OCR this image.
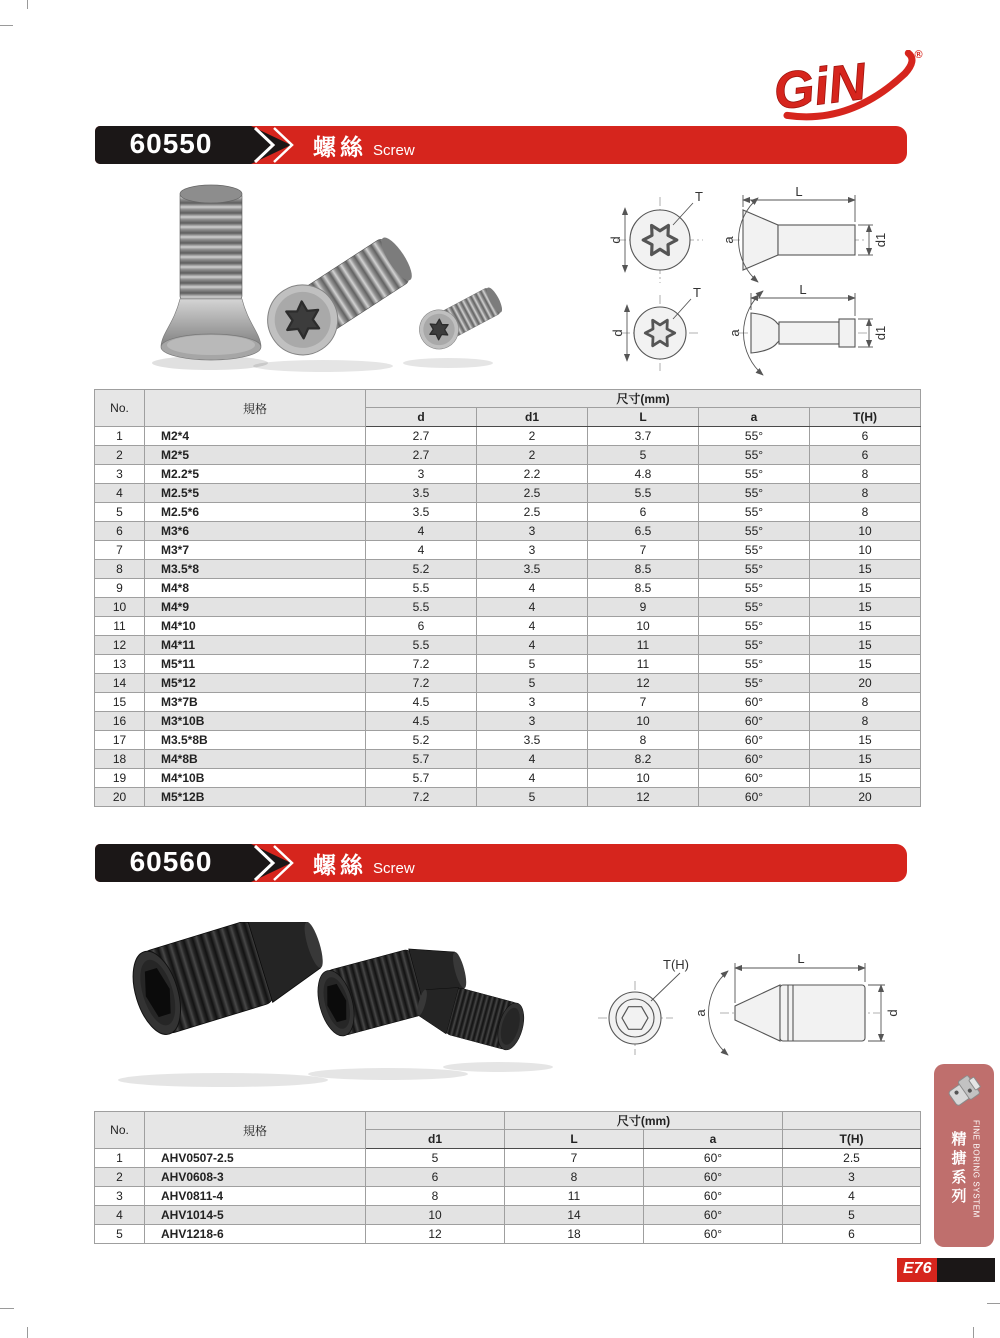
GiN	®
60550	螺絲 Screw
d
T	L
d1
a
d
T	L
d1
a
No.	規格	尺寸(mm)				
		d	d1	L	a	T(H)
1	M2*4	2.7	2	3.7	55°	6
2	M2*5	2.7	2	5	55°	6
3	M2.2*5	3	2.2	4.8	55°	8
4	M2.5*5	3.5	2.5	5.5	55°	8
5	M2.5*6	3.5	2.5	6	55°	8
6	M3*6	4	3	6.5	55°	10
7	M3*7	4	3	7	55°	10
8	M3.5*8	5.2	3.5	8.5	55°	15
9	M4*8	5.5	4	8.5	55°	15
10	M4*9	5.5	4	9	55°	15
11	M4*10	6	4	10	55°	15
12	M4*11	5.5	4	11	55°	15
13	M5*11	7.2	5	11	55°	15
14	M5*12	7.2	5	12	55°	20
15	M3*7B	4.5	3	7	60°	8
16	M3*10B	4.5	3	10	60°	8
17	M3.5*8B	5.2	3.5	8	60°	15
18	M4*8B	5.7	4	8.2	60°	15
19	M4*10B	5.7	4	10	60°	15
20	M5*12B	7.2	5	12	60°	20
60560	螺絲 Screw
T(H)	L
d
a
No.	規格		尺寸(mm)		
		d1	L	a	T(H)
1	AHV0507-2.5	5	7	60°	2.5
2	AHV0608-3	6	8	60°	3
3	AHV0811-4	8	11	60°	4
4	AHV1014-5	10	14	60°	5
5	AHV1218-6	12	18	60°	6
精搪系列 FINE BORING SYSTEM
E76
